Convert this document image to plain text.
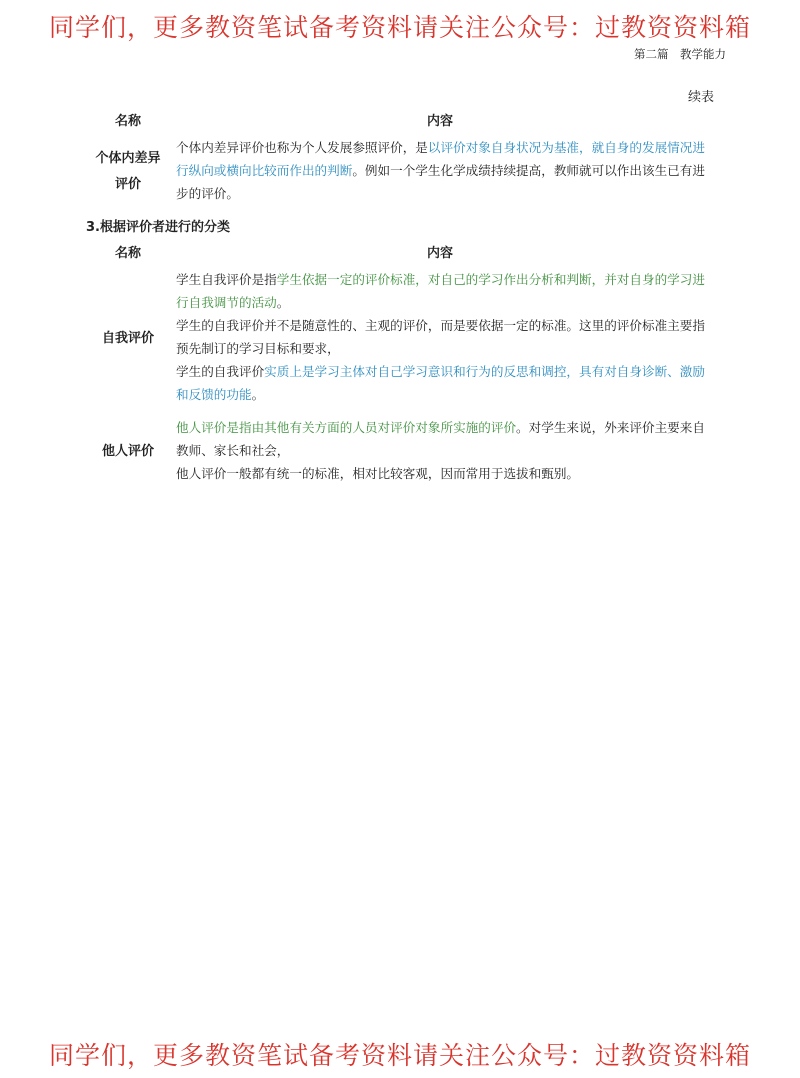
同学们，更多教资笔试备考资料请关注公众号：过教资资料箱
第二篇　教学能力
续表
名称	内容
个体内差异
评价

个体内差异评价也称为个人发展参照评价，是以评价对象自身状况为基准，就自身的发展情况进行纵向或横向比较而作出的判断。例如一个学生化学成绩持续提高，教师就可以作出该生已有进步的评价。

3.根据评价者进行的分类
名称	内容
自我评价

学生自我评价是指学生依据一定的评价标准，对自己的学习作出分析和判断，并对自身的学习进行自我调节的活动。

学生的自我评价并不是随意性的、主观的评价，而是要依据一定的标准。这里的评价标准主要指预先制订的学习目标和要求，

学生的自我评价实质上是学习主体对自己学习意识和行为的反思和调控，具有对自身诊断、激励和反馈的功能。

他人评价

他人评价是指由其他有关方面的人员对评价对象所实施的评价。对学生来说，外来评价主要来自教师、家长和社会，

他人评价一般都有统一的标准，相对比较客观，因而常用于选拔和甄别。

同学们，更多教资笔试备考资料请关注公众号：过教资资料箱
